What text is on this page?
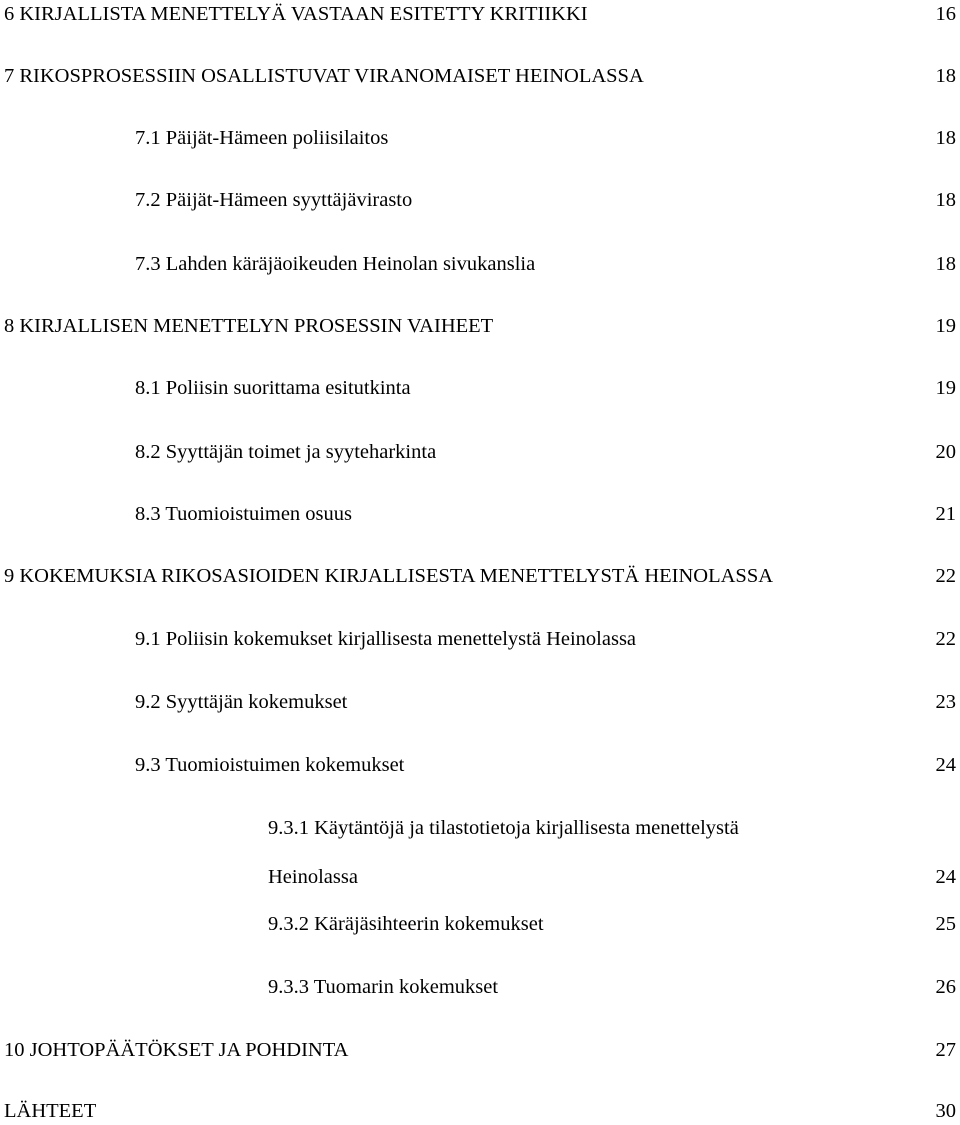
6 KIRJALLISTA MENETTELYÄ VASTAAN ESITETTY KRITIIKKI	16
7 RIKOSPROSESSIIN OSALLISTUVAT VIRANOMAISET HEINOLASSA	18
7.1 Päijät-Hämeen poliisilaitos	18
7.2 Päijät-Hämeen syyttäjävirasto	18
7.3 Lahden käräjäoikeuden Heinolan sivukanslia	18
8 KIRJALLISEN MENETTELYN PROSESSIN VAIHEET	19
8.1 Poliisin suorittama esitutkinta	19
8.2 Syyttäjän toimet ja syyteharkinta	20
8.3 Tuomioistuimen osuus	21
9 KOKEMUKSIA RIKOSASIOIDEN KIRJALLISESTA MENETTELYSTÄ HEINOLASSA	22
9.1 Poliisin kokemukset kirjallisesta menettelystä Heinolassa	22
9.2 Syyttäjän kokemukset	23
9.3 Tuomioistuimen kokemukset	24
9.3.1 Käytäntöjä ja tilastotietoja kirjallisesta menettelystä
Heinolassa	24
9.3.2 Käräjäsihteerin kokemukset	25
9.3.3 Tuomarin kokemukset	26
10 JOHTOPÄÄTÖKSET JA POHDINTA	27
LÄHTEET	30
